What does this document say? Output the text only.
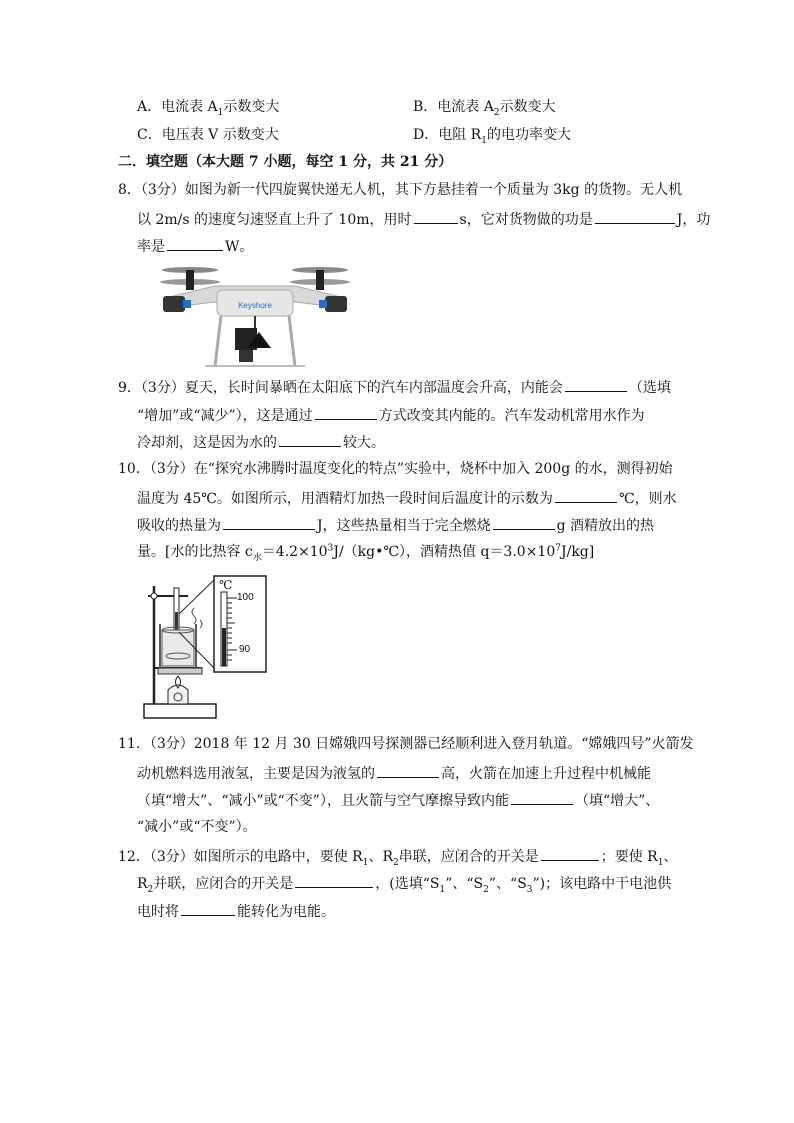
A．电流表 $A_1$示数变大	B．电流表 $A_2$示数变大
C．电压表 V 示数变大	D．电阻 $R_1$的电功率变大
二．填空题（本大题 7 小题，每空 1 分，共 21 分）
8．（3分）如图为新一代四旋翼快递无人机，其下方悬挂着一个质量为 3kg 的货物。无人机
以 2m/s 的速度匀速竖直上升了 10m，用时	s，它对货物做的功是	J，功
率是	W。
Keyshore
9．（3分）夏天，长时间暴晒在太阳底下的汽车内部温度会升高，内能会	（选填
“增加”或“减少”），这是通过	方式改变其内能的。汽车发动机常用水作为
冷却剂，这是因为水的	较大。
10．（3分）在“探究水沸腾时温度变化的特点”实验中，烧杯中加入 200g 的水，测得初始
温度为 45℃。如图所示，用酒精灯加热一段时间后温度计的示数为	℃，则水
吸收的热量为	J，这些热量相当于完全燃烧	g 酒精放出的热
量。[水的比热容 $c_水=4.2\times 10^3J/(kg•℃)$，酒精热值 $q=3.0\times 10^7J/kg$]
℃
100
90
11．（3分）2018 年 12 月 30 日嫦娥四号探测器已经顺利进入登月轨道。“嫦娥四号”火箭发
动机燃料选用液氢，主要是因为液氢的	高，火箭在加速上升过程中机械能
（填“增大”、“减小”或“不变”），且火箭与空气摩擦导致内能	（填“增大”、
“减小”或“不变”）。
12．（3分）如图所示的电路中，要使 $R_1$、$R_2$串联，应闭合的开关是	；要使 $R_1$、
$R_2$并联，应闭合的开关是	，(选填“$S_1$”、“$S_2$”、“$S_3$”)；该电路中干电池供
电时将	能转化为电能。
